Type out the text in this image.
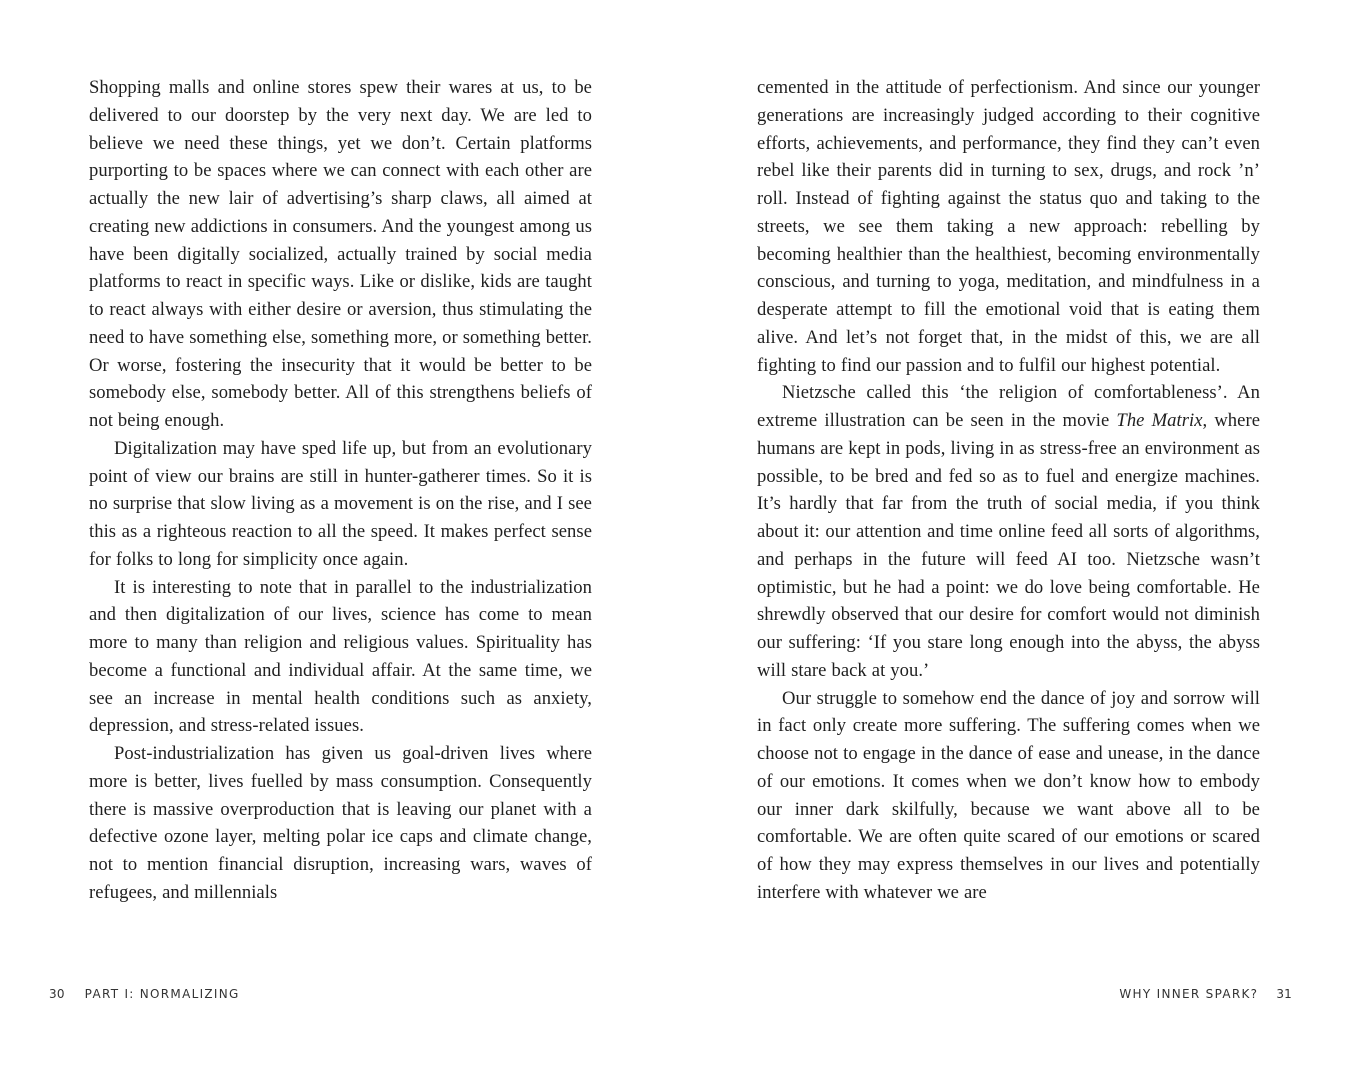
Shopping malls and online stores spew their wares at us, to be delivered to our doorstep by the very next day. We are led to believe we need these things, yet we don’t. Certain platforms purporting to be spaces where we can connect with each other are actually the new lair of advertising’s sharp claws, all aimed at creating new addictions in consumers. And the youngest among us have been digitally socialized, actually trained by social media platforms to react in specific ways. Like or dislike, kids are taught to react always with either desire or aversion, thus stimulating the need to have something else, something more, or something better. Or worse, fostering the insecurity that it would be better to be somebody else, somebody better. All of this strengthens beliefs of not being enough.

Digitalization may have sped life up, but from an evolutionary point of view our brains are still in hunter-gatherer times. So it is no surprise that slow living as a movement is on the rise, and I see this as a righteous reaction to all the speed. It makes perfect sense for folks to long for simplicity once again.

It is interesting to note that in parallel to the industrialization and then digitalization of our lives, science has come to mean more to many than religion and religious values. Spirituality has become a functional and individual affair. At the same time, we see an increase in mental health conditions such as anxiety, depression, and stress-related issues.

Post-industrialization has given us goal-driven lives where more is better, lives fuelled by mass consumption. Consequently there is massive overproduction that is leaving our planet with a defective ozone layer, melting polar ice caps and climate change, not to mention financial disruption, increasing wars, waves of refugees, and millennials

30 PART I: NORMALIZING

cemented in the attitude of perfectionism. And since our younger generations are increasingly judged according to their cognitive efforts, achievements, and performance, they find they can’t even rebel like their parents did in turning to sex, drugs, and rock ’n’ roll. Instead of fighting against the status quo and taking to the streets, we see them taking a new approach: rebelling by becoming healthier than the healthiest, becoming environmentally conscious, and turning to yoga, meditation, and mindfulness in a desperate attempt to fill the emotional void that is eating them alive. And let’s not forget that, in the midst of this, we are all fighting to find our passion and to fulfil our highest potential.

Nietzsche called this ‘the religion of comfortableness’. An extreme illustration can be seen in the movie The Matrix, where humans are kept in pods, living in as stress-free an environment as possible, to be bred and fed so as to fuel and energize machines. It’s hardly that far from the truth of social media, if you think about it: our attention and time online feed all sorts of algorithms, and perhaps in the future will feed AI too. Nietzsche wasn’t optimistic, but he had a point: we do love being comfortable. He shrewdly observed that our desire for comfort would not diminish our suffering: ‘If you stare long enough into the abyss, the abyss will stare back at you.’

Our struggle to somehow end the dance of joy and sorrow will in fact only create more suffering. The suffering comes when we choose not to engage in the dance of ease and unease, in the dance of our emotions. It comes when we don’t know how to embody our inner dark skilfully, because we want above all to be comfortable. We are often quite scared of our emotions or scared of how they may express themselves in our lives and potentially interfere with whatever we are

WHY INNER SPARK? 31
